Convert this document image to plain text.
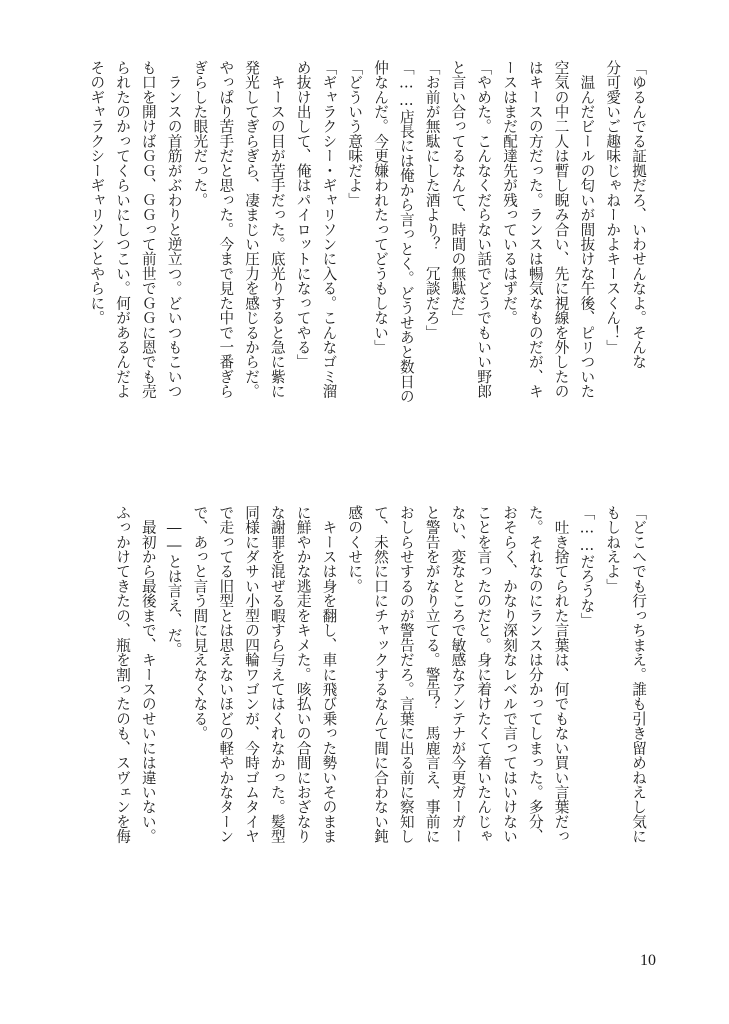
「ゆるんでる証拠だろ、いわせんなよ。そんな
分可愛いご趣味じゃねーかよキースくん！」
　温んだビールの匂いが間抜けな午後、ピリついた
空気の中二人は暫し睨み合い、先に視線を外したの
はキースの方だった。ランスは暢気なものだが、キ
ースはまだ配達先が残っているはずだ。
「やめた。こんなくだらない話でどうでもいい野郎
と言い合ってるなんて、時間の無駄だ」
「お前が無駄にした酒より？　冗談だろ」
「……店長には俺から言っとく。どうせあと数日の
仲なんだ。今更嫌われたってどうもしない」
「どういう意味だよ」
「ギャラクシー・ギャリソンに入る。こんなゴミ溜
め抜け出して、俺はパイロットになってやる」
　キースの目が苦手だった。底光りすると急に紫に
発光してぎらぎら、凄まじい圧力を感じるからだ。
やっぱり苦手だと思った。今まで見た中で一番ぎら
ぎらした眼光だった。
　ランスの首筋がぶわりと逆立つ。どいつもこいつ
も口を開けばＧＧ、ＧＧって前世でＧＧに恩でも売
られたのかってくらいにしつこい。何があるんだよ
そのギャラクシーギャリソンとやらに。
「どこへでも行っちまえ。誰も引き留めねえし気に
もしねえよ」
「……だろうな」
　吐き捨てられた言葉は、何でもない買い言葉だっ
た。それなのにランスは分かってしまった。多分、
おそらく、かなり深刻なレベルで言ってはいけない
ことを言ったのだと。身に着けたくて着いたんじゃ
ない、変なところで敏感なアンテナが今更ガーガー
と警告をがなり立てる。警告？　馬鹿言え、事前に
おしらせするのが警告だろ。言葉に出る前に察知し
て、未然に口にチャックするなんて間に合わない鈍
感のくせに。
　キースは身を翻し、車に飛び乗った勢いそのまま
に鮮やかな逃走をキメた。咳払いの合間におざなり
な謝罪を混ぜる暇すら与えてはくれなかった。髪型
同様にダサい小型の四輪ワゴンが、今時ゴムタイヤ
で走ってる旧型とは思えないほどの軽やかなターン
で、あっと言う間に見えなくなる。
　――とは言え、だ。
　最初から最後まで、キースのせいには違いない。
ふっかけてきたの、瓶を割ったのも、スヴェンを侮
10
